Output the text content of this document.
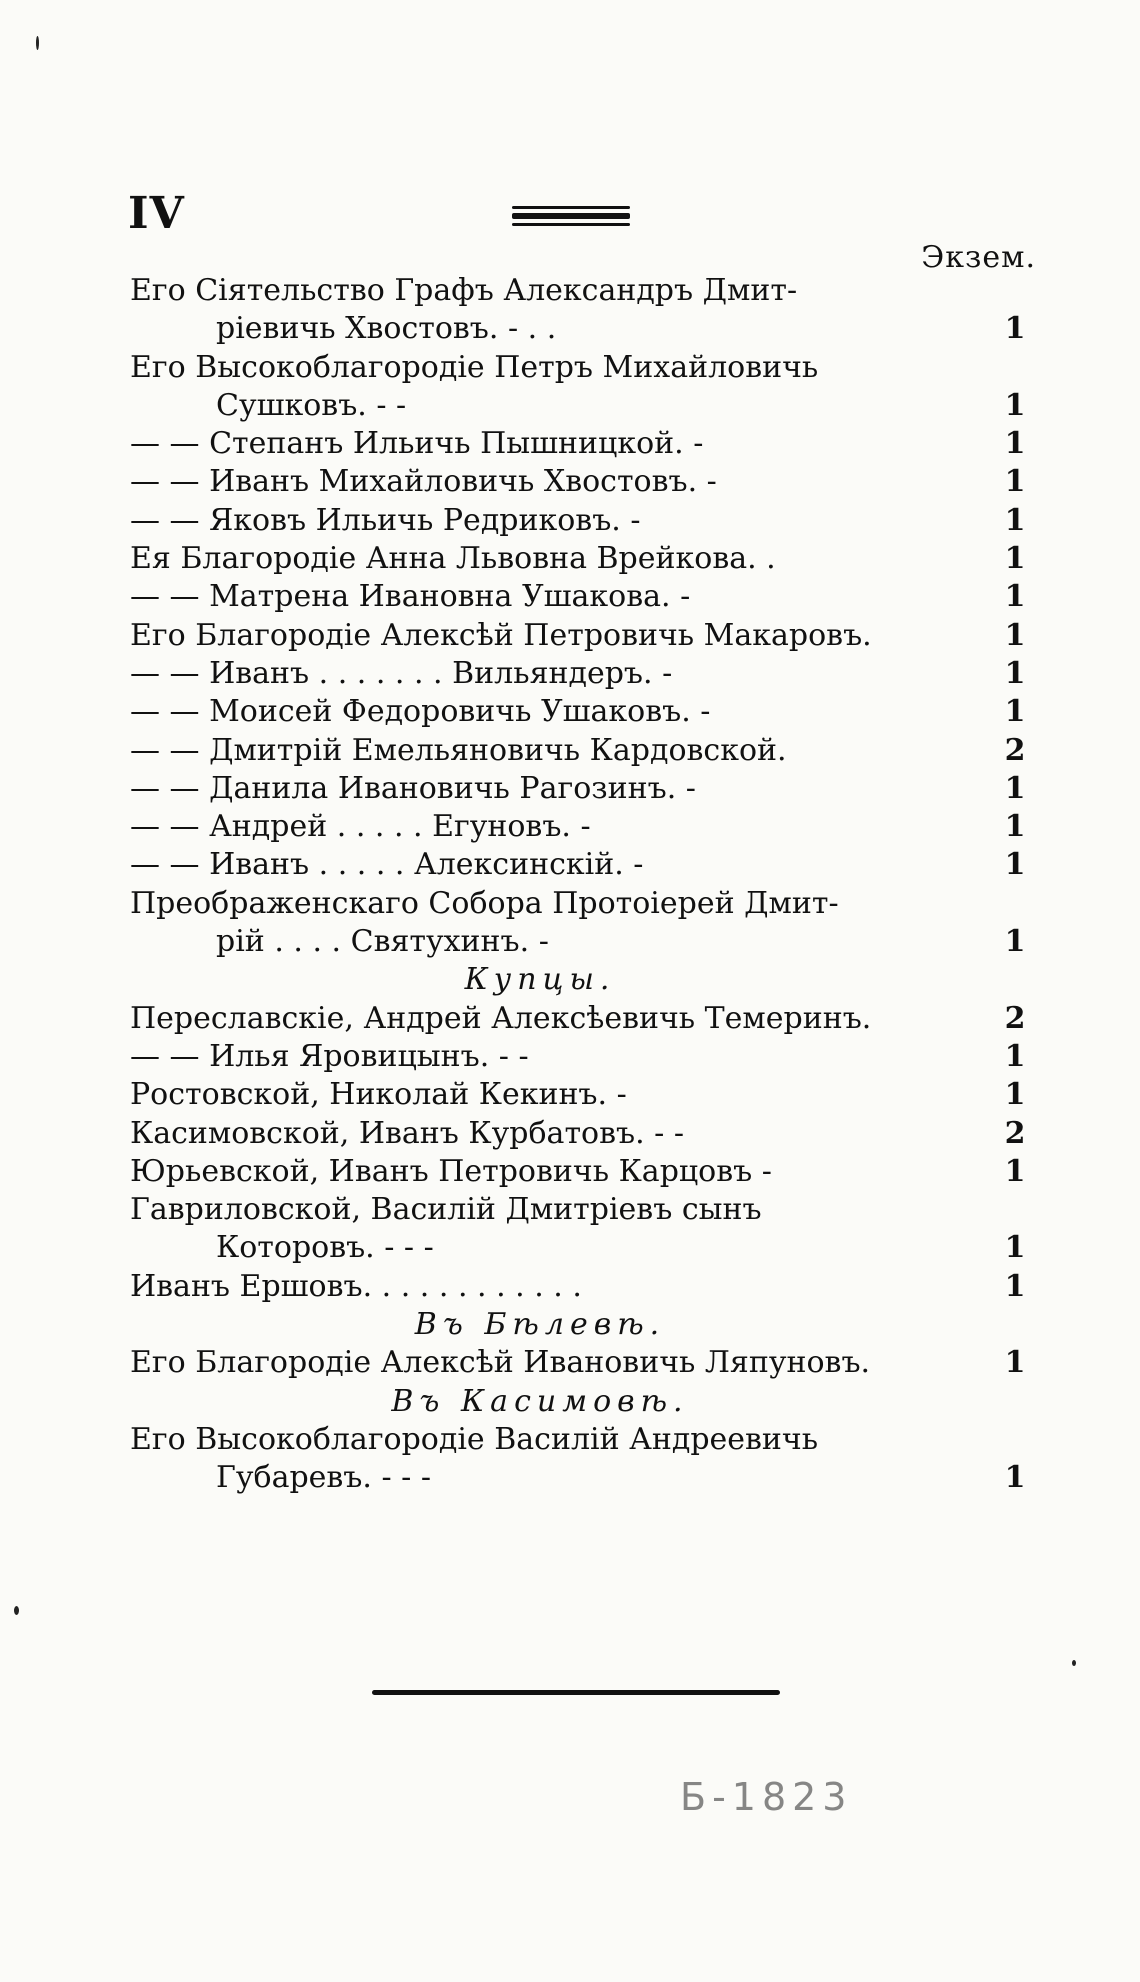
IV
Экзем.
Его Сіятельство Графъ Александръ Дмит-
ріевичь Хвостовъ. - . .	1
Его Высокоблагородіе Петръ Михайловичь
Сушковъ. - -	1
— — Степанъ Ильичь Пышницкой. -	1
— — Иванъ Михайловичь Хвостовъ. -	1
— — Яковъ Ильичь Редриковъ. -	1
Ея Благородіе Анна Львовна Врейкова. .	1
— — Матрена Ивановна Ушакова. -	1
Его Благородіе Алексѣй Петровичь Макаровъ.	1
— — Иванъ . . . . . . . Вильяндеръ. -	1
— — Моисей Федоровичь Ушаковъ. -	1
— — Дмитрій Емельяновичь Кардовской.	2
— — Данила Ивановичь Рагозинъ. -	1
— — Андрей . . . . . Егуновъ. -	1
— — Иванъ . . . . . Алексинскій. -	1
Преображенскаго Собора Протоіерей Дмит-
рій . . . . Святухинъ. -	1
Купцы.
Переславскіе, Андрей Алексѣевичь Темеринъ.	2
— — Илья Яровицынъ. - -	1
Ростовской, Николай Кекинъ. -	1
Касимовской, Иванъ Курбатовъ. - -	2
Юрьевской, Иванъ Петровичь Карцовъ -	1
Гавриловской, Василій Дмитріевъ сынъ
Которовъ. - - -	1
Иванъ Ершовъ. . . . . . . . . . . .	1
Въ Бѣлевѣ.
Его Благородіе Алексѣй Ивановичь Ляпуновъ.	1
Въ Касимовѣ.
Его Высокоблагородіе Василій Андреевичь
Губаревъ. - - -	1
Б-1823
